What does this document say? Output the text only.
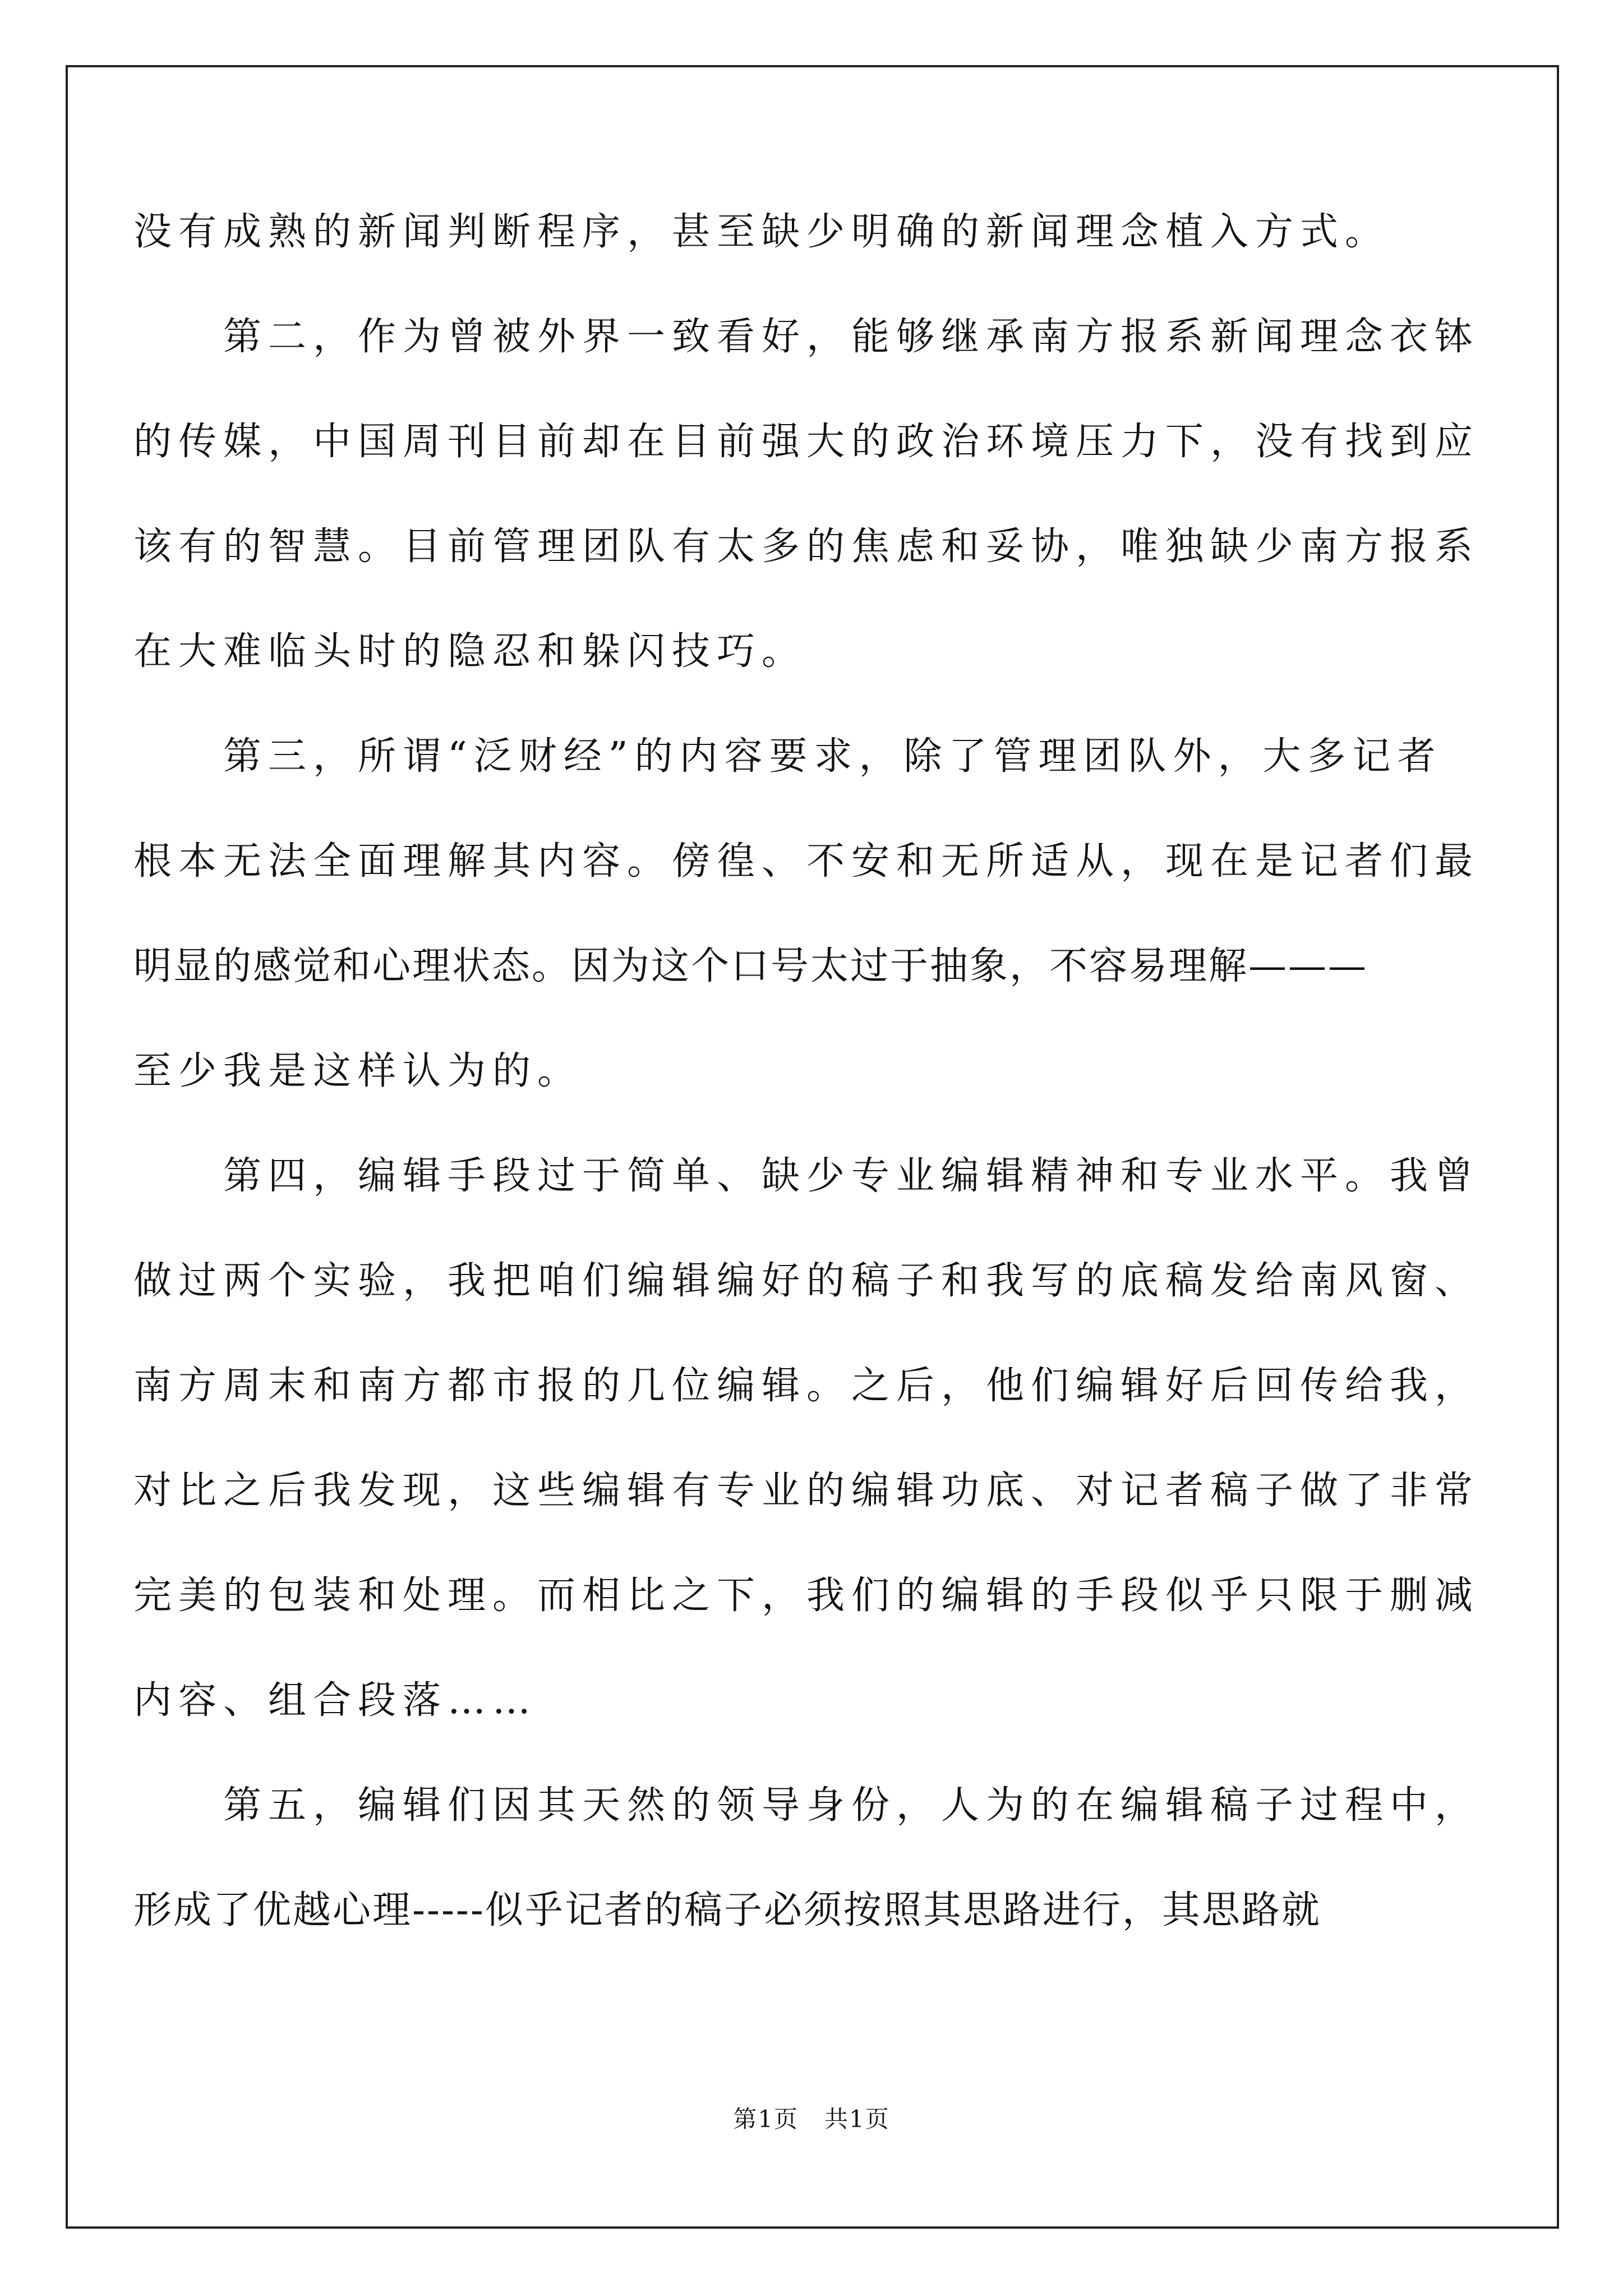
没有成熟的新闻判断程序，甚至缺少明确的新闻理念植入方式。
第二，作为曾被外界一致看好，能够继承南方报系新闻理念衣钵
的传媒，中国周刊目前却在目前强大的政治环境压力下，没有找到应
该有的智慧。目前管理团队有太多的焦虑和妥协，唯独缺少南方报系
在大难临头时的隐忍和躲闪技巧。
第三，所谓“泛财经”的内容要求，除了管理团队外，大多记者
根本无法全面理解其内容。傍徨、不安和无所适从，现在是记者们最
明显的感觉和心理状态。因为这个口号太过于抽象，不容易理解———
至少我是这样认为的。
第四，编辑手段过于简单、缺少专业编辑精神和专业水平。我曾
做过两个实验，我把咱们编辑编好的稿子和我写的底稿发给南风窗、
南方周末和南方都市报的几位编辑。之后，他们编辑好后回传给我，
对比之后我发现，这些编辑有专业的编辑功底、对记者稿子做了非常
完美的包装和处理。而相比之下，我们的编辑的手段似乎只限于删减
内容、组合段落……
第五，编辑们因其天然的领导身份，人为的在编辑稿子过程中，
形成了优越心理-----似乎记者的稿子必须按照其思路进行，其思路就
第1页   共1页
